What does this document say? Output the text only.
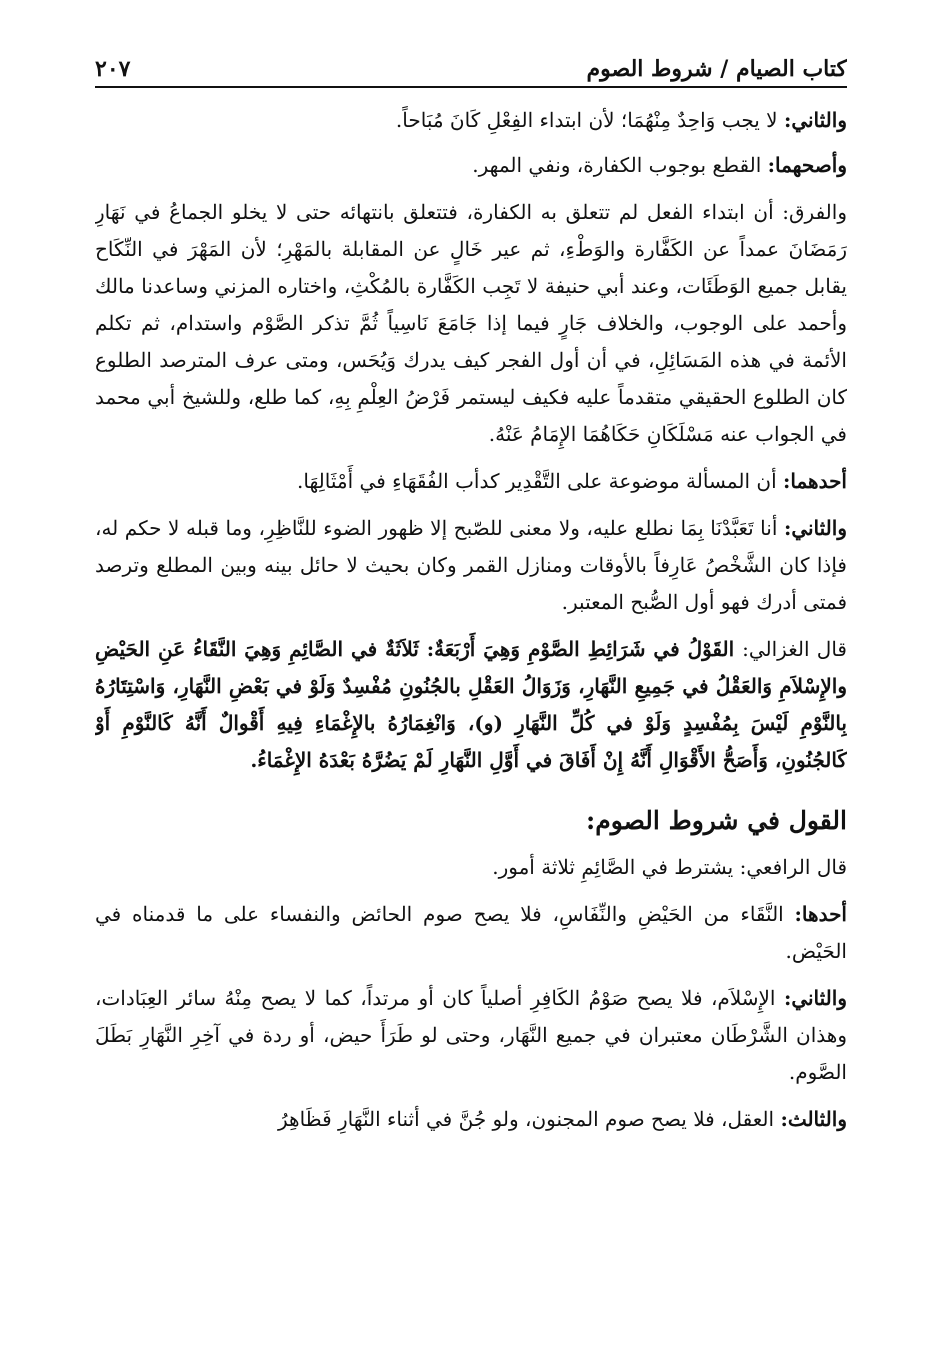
كتاب الصيام / شروط الصوم
٢٠٧

والثاني: لا يجب وَاحِدٌ مِنْهُمَا؛ لأن ابتداء الفِعْلِ كَانَ مُبَاحاً.

وأصحهما: القطع بوجوب الكفارة، ونفي المهر.

والفرق: أن ابتداء الفعل لم تتعلق به الكفارة، فتتعلق بانتهائه حتى لا يخلو الجماعُ في نَهَارِ رَمَضَانَ عمداً عن الكَفَّارة والوَطْءِ، ثم عير خَالٍ عن المقابلة بالمَهْرِ؛ لأن المَهْرَ في النِّكَاح يقابل جميع الوَطَئَات، وعند أبي حنيفة لا تَجِب الكَفَّارة بالمُكْثِ، واختاره المزني وساعدنا مالك وأحمد على الوجوب، والخلاف جَارٍ فيما إذا جَامَعَ نَاسِياً ثُمَّ تذكر الصَّوْم واستدام، ثم تكلم الأئمة في هذه المَسَائِلِ، في أن أول الفجر كيف يدرك وَيُحَس، ومتى عرف المترصد الطلوع كان الطلوع الحقيقي متقدماً عليه فكيف ليستمر فَرْضُ العِلْمِ بِهِ، كما طلع، وللشيخ أبي محمد في الجواب عنه مَسْلَكَانِ حَكَاهُمَا الإِمَامُ عَنْهُ.

أحدهما: أن المسألة موضوعة على التَّقْدِير كدأب الفُقَهَاءِ في أَمْثَالِهَا.

والثاني: أنا تَعَبَّدْنَا بِمَا نطلع عليه، ولا معنى للصّبح إلا ظهور الضوء للنَّاظِرِ، وما قبله لا حكم له، فإذا كان الشَّخْصُ عَارِفاً بالأوقات ومنازل القمر وكان بحيث لا حائل بينه وبين المطلع وترصد فمتى أدرك فهو أول الصُّبح المعتبر.

قال الغزالي: القَوْلُ في شَرَائِطِ الصَّوْمِ وَهِيَ أَرْبَعَةٌ: ثَلاَثَةٌ في الصَّائِمِ وَهِيَ النَّقَاءُ عَنِ الحَيْضِ والإِسْلاَمِ وَالعَقْلُ في جَمِيعِ النَّهَارِ، وَزَوَالُ العَقْلِ بالجُنُونِ مُفْسِدٌ وَلَوْ في بَعْضِ النَّهَارِ، وَاسْتِتَارُهُ بِالنَّوْمِ لَيْسَ بِمُفْسِدٍ وَلَوْ في كُلِّ النَّهَارِ (و)، وَانْغِمَارُهُ بالإِغْمَاءِ فِيهِ أَقْوالٌ أَنَّهُ كَالنَّوْمِ أَوْ كَالجُنُونِ، وَأَصَحُّ الأَقْوَالِ أَنَّهُ إِنْ أَفَاقَ في أَوَّلِ النَّهَارِ لَمْ يَضُرَّهُ بَعْدَهُ الإِغْمَاءُ.

القول في شروط الصوم:

قال الرافعي: يشترط في الصَّائِمِ ثلاثة أمور.

أحدها: النَّقَاء من الحَيْضِ والنِّفَاسِ، فلا يصح صوم الحائض والنفساء على ما قدمناه في الحَيْض.

والثاني: الإِسْلاَم، فلا يصح صَوْمُ الكَافِرِ أصلياً كان أو مرتداً، كما لا يصح مِنْهُ سائر العِبَادات، وهذان الشَّرْطَان معتبران في جميع النَّهَار، وحتى لو طَرَأَ حيض، أو ردة في آخِرِ النَّهَارِ بَطَلَ الصَّوم.

والثالث: العقل، فلا يصح صوم المجنون، ولو جُنَّ في أثناء النَّهَارِ فَظَاهِرُ
